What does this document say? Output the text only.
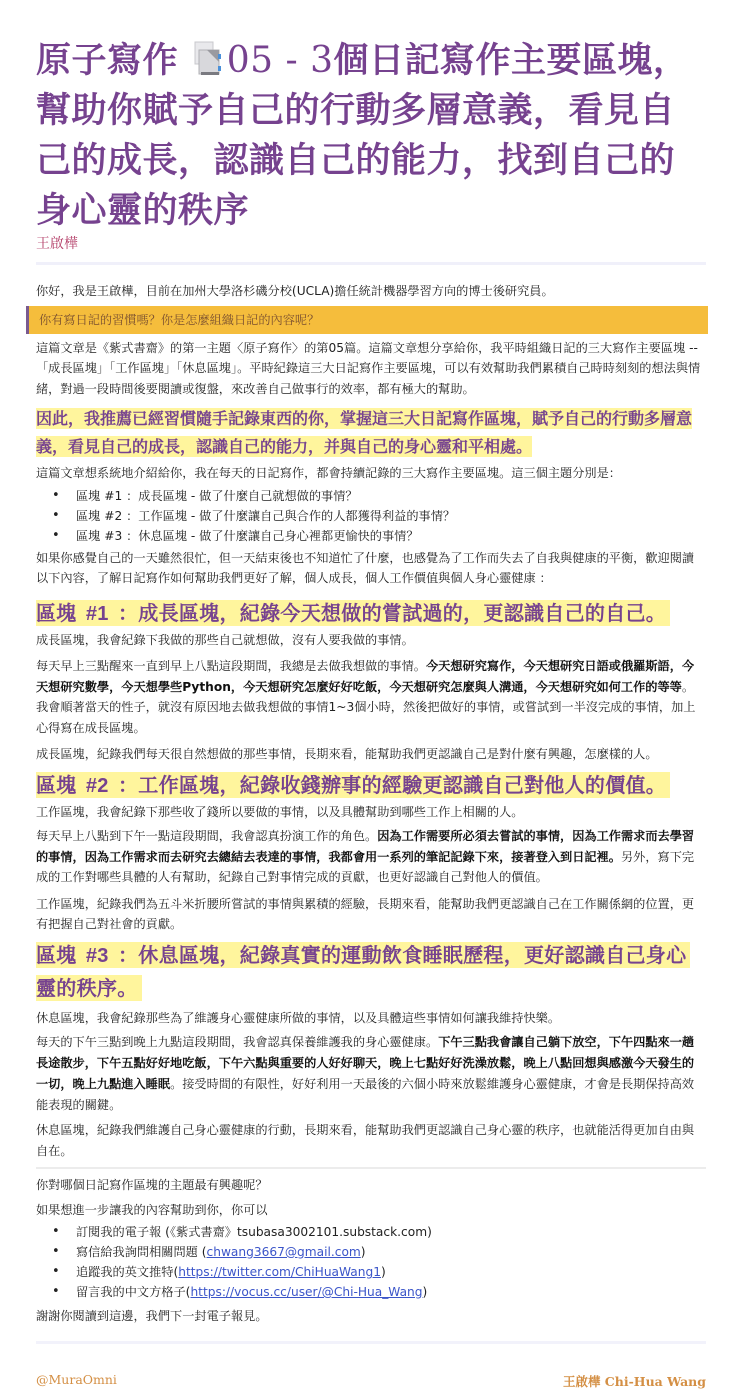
原子寫作 05 - 3個日記寫作主要區塊，幫助你賦予自己的行動多層意義，看見自己的成長，認識自己的能力，找到自己的身心靈的秩序
王啟樺

你好，我是王啟樺，目前在加州大學洛杉磯分校(UCLA)擔任統計機器學習方向的博士後研究員。

你有寫日記的習慣嗎？你是怎麼組織日記的內容呢？

這篇文章是《紫式書齋》的第一主題〈原子寫作〉的第05篇。這篇文章想分享給你，我平時組織日記的三大寫作主要區塊 --「成長區塊」「工作區塊」「休息區塊」。平時紀錄這三大日記寫作主要區塊，可以有效幫助我們累積自己時時刻刻的想法與情緒，對過一段時間後要閱讀或復盤，來改善自己做事行的效率，都有極大的幫助。

因此，我推薦已經習慣隨手記錄東西的你，掌握這三大日記寫作區塊，賦予自己的行動多層意義，看見自己的成長，認識自己的能力，并與自己的身心靈和平相處。

這篇文章想系統地介紹給你，我在每天的日記寫作，都會持續記錄的三大寫作主要區塊。這三個主題分別是：

• 區塊 #1 ：成長區塊 - 做了什麼自己就想做的事情？
• 區塊 #2 ：工作區塊 - 做了什麼讓自己與合作的人都獲得利益的事情？
• 區塊 #3 ：休息區塊 - 做了什麼讓自己身心裡都更愉快的事情？

如果你感覺自己的一天雖然很忙，但一天結束後也不知道忙了什麼，也感覺為了工作而失去了自我與健康的平衡，歡迎閱讀以下內容，了解日記寫作如何幫助我們更好了解，個人成長，個人工作價值與個人身心靈健康 ：

區塊 #1 ：成長區塊，紀錄今天想做的嘗試過的，更認識自己的自己。

成長區塊，我會紀錄下我做的那些自己就想做，沒有人要我做的事情。

每天早上三點醒來一直到早上八點這段期間，我總是去做我想做的事情。今天想研究寫作，今天想研究日語或俄羅斯語，今天想研究數學，今天想學些Python，今天想研究怎麼好好吃飯，今天想研究怎麼與人溝通，今天想研究如何工作的等等。我會順著當天的性子，就沒有原因地去做我想做的事情1~3個小時，然後把做好的事情，或嘗試到一半沒完成的事情，加上心得寫在成長區塊。

成長區塊，紀錄我們每天很自然想做的那些事情，長期來看，能幫助我們更認識自己是對什麼有興趣，怎麼樣的人。

區塊 #2 ：工作區塊，紀錄收錢辦事的經驗更認識自己對他人的價值。

工作區塊，我會紀錄下那些收了錢所以要做的事情，以及具體幫助到哪些工作上相關的人。

每天早上八點到下午一點這段期間，我會認真扮演工作的角色。因為工作需要所必須去嘗試的事情，因為工作需求而去學習的事情，因為工作需求而去研究去總結去表達的事情，我都會用一系列的筆記記錄下來，接著登入到日記裡。另外，寫下完成的工作對哪些具體的人有幫助，紀錄自己對事情完成的貢獻，也更好認識自己對他人的價值。

工作區塊，紀錄我們為五斗米折腰所嘗試的事情與累積的經驗，長期來看，能幫助我們更認識自己在工作關係網的位置，更有把握自己對社會的貢獻。

區塊 #3 ：休息區塊，紀錄真實的運動飲食睡眠歷程，更好認識自己身心靈的秩序。

休息區塊，我會紀錄那些為了維護身心靈健康所做的事情，以及具體這些事情如何讓我維持快樂。

每天的下午三點到晚上九點這段期間，我會認真保養維護我的身心靈健康。下午三點我會讓自己躺下放空，下午四點來一趟長途散步，下午五點好好地吃飯，下午六點與重要的人好好聊天，晚上七點好好洗澡放鬆，晚上八點回想與感激今天發生的一切，晚上九點進入睡眠。接受時間的有限性，好好利用一天最後的六個小時來放鬆維護身心靈健康，才會是長期保持高效能表現的關鍵。

休息區塊，紀錄我們維護自己身心靈健康的行動，長期來看，能幫助我們更認識自己身心靈的秩序，也就能活得更加自由與自在。

你對哪個日記寫作區塊的主題最有興趣呢？

如果想進一步讓我的內容幫助到你，你可以

• 訂閱我的電子報 (《紫式書齋》tsubasa3002101.substack.com)
• 寫信給我詢問相關問題 (chwang3667@gmail.com)
• 追蹤我的英文推特(https://twitter.com/ChiHuaWang1)
• 留言我的中文方格子(https://vocus.cc/user/@Chi-Hua_Wang)

謝謝你閱讀到這邊，我們下一封電子報見。

@MuraOmni	王啟樺 Chi-Hua Wang
